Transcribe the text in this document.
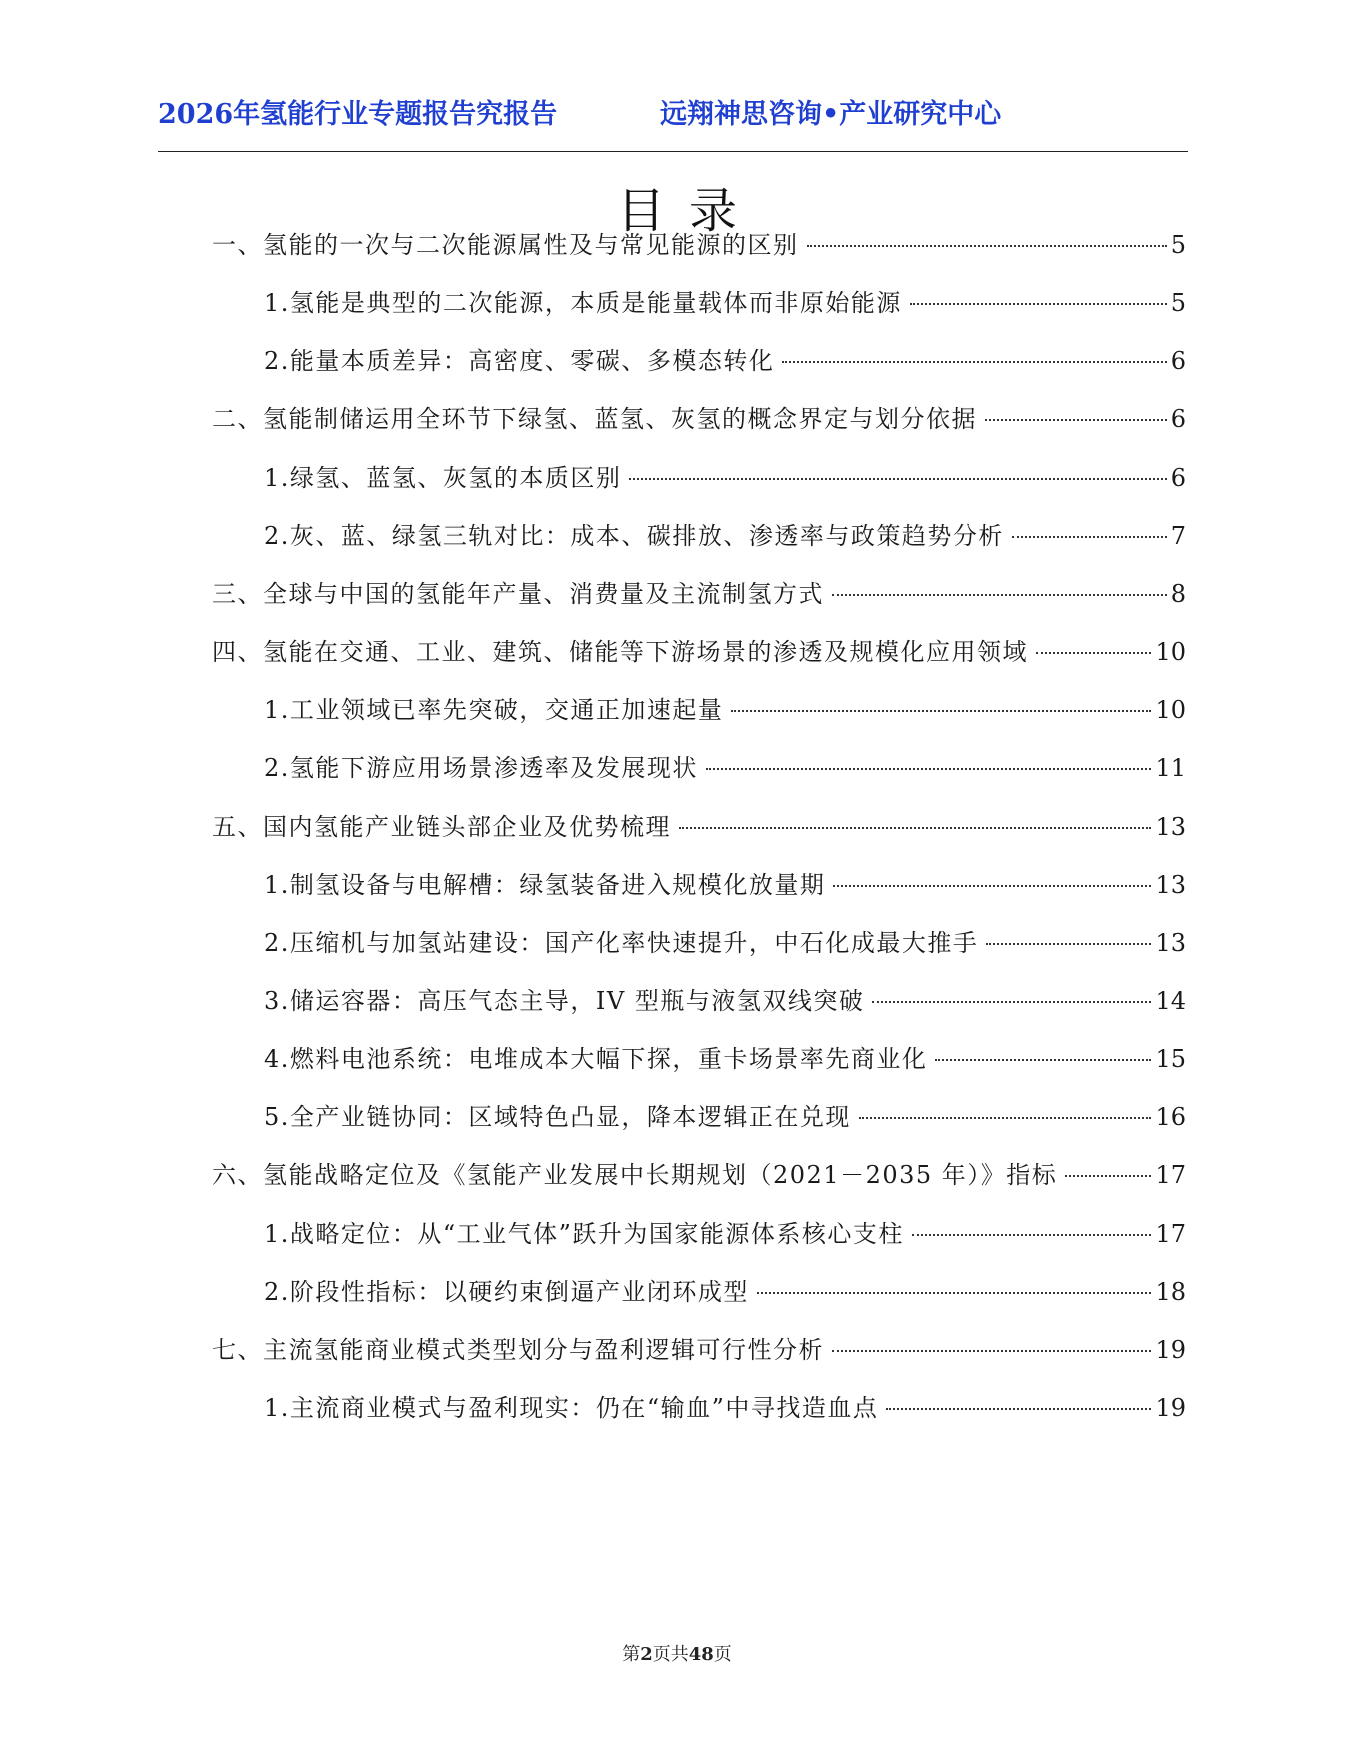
2026年氢能行业专题报告究报告	远翔神思咨询•产业研究中心
目录
一、氢能的一次与二次能源属性及与常见能源的区别	5
1.氢能是典型的二次能源，本质是能量载体而非原始能源	5
2.能量本质差异：高密度、零碳、多模态转化	6
二、氢能制储运用全环节下绿氢、蓝氢、灰氢的概念界定与划分依据	6
1.绿氢、蓝氢、灰氢的本质区别	6
2.灰、蓝、绿氢三轨对比：成本、碳排放、渗透率与政策趋势分析	7
三、全球与中国的氢能年产量、消费量及主流制氢方式	8
四、氢能在交通、工业、建筑、储能等下游场景的渗透及规模化应用领域	10
1.工业领域已率先突破，交通正加速起量	10
2.氢能下游应用场景渗透率及发展现状	11
五、国内氢能产业链头部企业及优势梳理	13
1.制氢设备与电解槽：绿氢装备进入规模化放量期	13
2.压缩机与加氢站建设：国产化率快速提升，中石化成最大推手	13
3.储运容器：高压气态主导，IV 型瓶与液氢双线突破	14
4.燃料电池系统：电堆成本大幅下探，重卡场景率先商业化	15
5.全产业链协同：区域特色凸显，降本逻辑正在兑现	16
六、氢能战略定位及《氢能产业发展中长期规划（2021－2035 年）》指标	17
1.战略定位：从“工业气体”跃升为国家能源体系核心支柱	17
2.阶段性指标：以硬约束倒逼产业闭环成型	18
七、主流氢能商业模式类型划分与盈利逻辑可行性分析	19
1.主流商业模式与盈利现实：仍在“输血”中寻找造血点	19
第2页共48页
